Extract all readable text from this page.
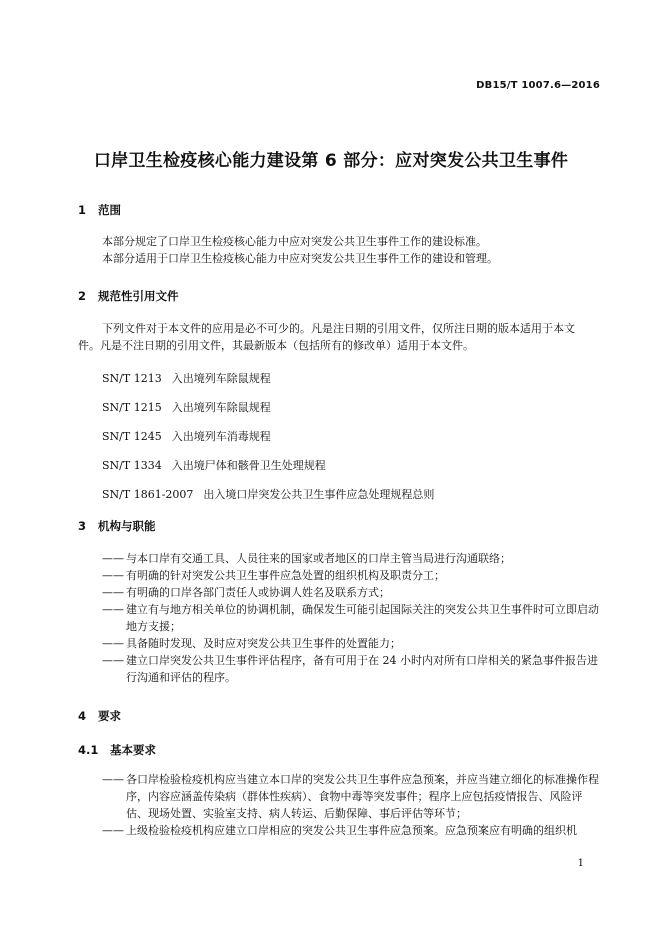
DB15/T 1007.6—2016
口岸卫生检疫核心能力建设第 6 部分：应对突发公共卫生事件
1 范围
本部分规定了口岸卫生检疫核心能力中应对突发公共卫生事件工作的建设标准。
本部分适用于口岸卫生检疫核心能力中应对突发公共卫生事件工作的建设和管理。
2 规范性引用文件
下列文件对于本文件的应用是必不可少的。凡是注日期的引用文件，仅所注日期的版本适用于本文
件。凡是不注日期的引用文件，其最新版本（包括所有的修改单）适用于本文件。
SN/T 1213 入出境列车除鼠规程
SN/T 1215 入出境列车除鼠规程
SN/T 1245 入出境列车消毒规程
SN/T 1334 入出境尸体和骸骨卫生处理规程
SN/T 1861-2007 出入境口岸突发公共卫生事件应急处理规程总则
3 机构与职能
—— 与本口岸有交通工具、人员往来的国家或者地区的口岸主管当局进行沟通联络；
—— 有明确的针对突发公共卫生事件应急处置的组织机构及职责分工；
—— 有明确的口岸各部门责任人或协调人姓名及联系方式；
—— 建立有与地方相关单位的协调机制，确保发生可能引起国际关注的突发公共卫生事件时可立即启动地方支援；
—— 具备随时发现、及时应对突发公共卫生事件的处置能力；
—— 建立口岸突发公共卫生事件评估程序，备有可用于在 24 小时内对所有口岸相关的紧急事件报告进行沟通和评估的程序。
4 要求
4.1 基本要求
—— 各口岸检验检疫机构应当建立本口岸的突发公共卫生事件应急预案，并应当建立细化的标准操作程序，内容应涵盖传染病（群体性疾病）、食物中毒等突发事件；程序上应包括疫情报告、风险评估、现场处置、实验室支持、病人转运、后勤保障、事后评估等环节；
—— 上级检验检疫机构应建立口岸相应的突发公共卫生事件应急预案。应急预案应有明确的组织机
1
